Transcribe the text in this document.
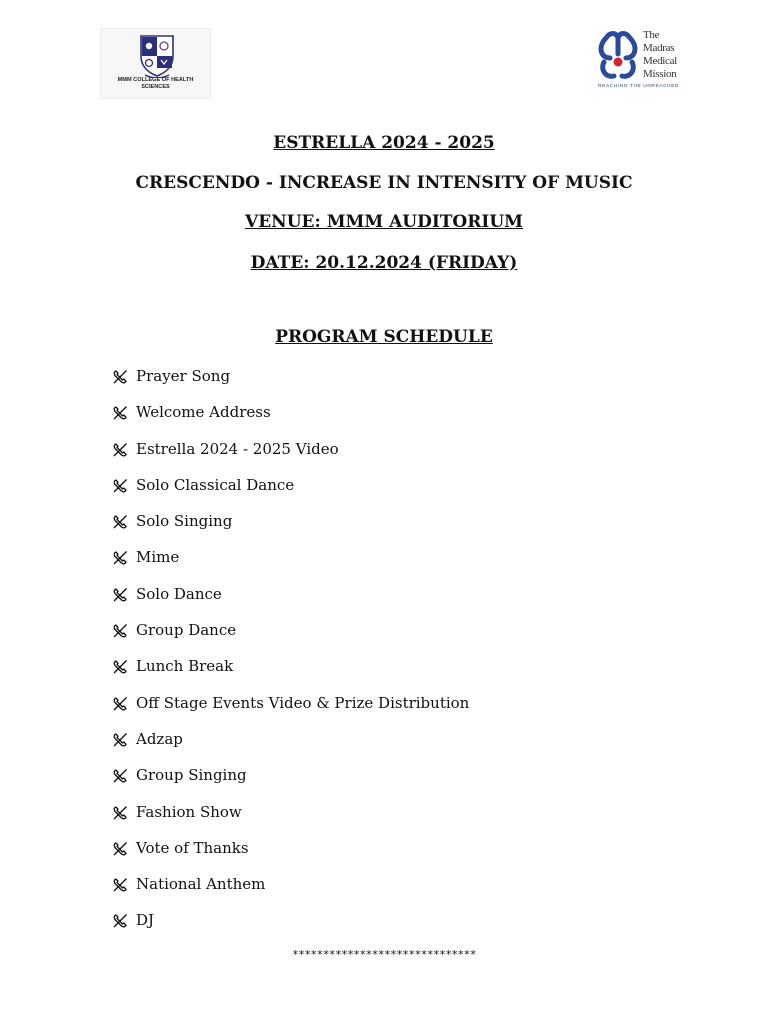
MMM COLLEGE OF HEALTH SCIENCES
The
Madras
Medical
Mission
REACHING THE UNREACHED
ESTRELLA 2024 - 2025
CRESCENDO - INCREASE IN INTENSITY OF MUSIC
VENUE: MMM AUDITORIUM
DATE: 20.12.2024 (FRIDAY)
PROGRAM SCHEDULE
Prayer Song
Welcome Address
Estrella 2024 - 2025 Video
Solo Classical Dance
Solo Singing
Mime
Solo Dance
Group Dance
Lunch Break
Off Stage Events Video & Prize Distribution
Adzap
Group Singing
Fashion Show
Vote of Thanks
National Anthem
DJ
******************************
